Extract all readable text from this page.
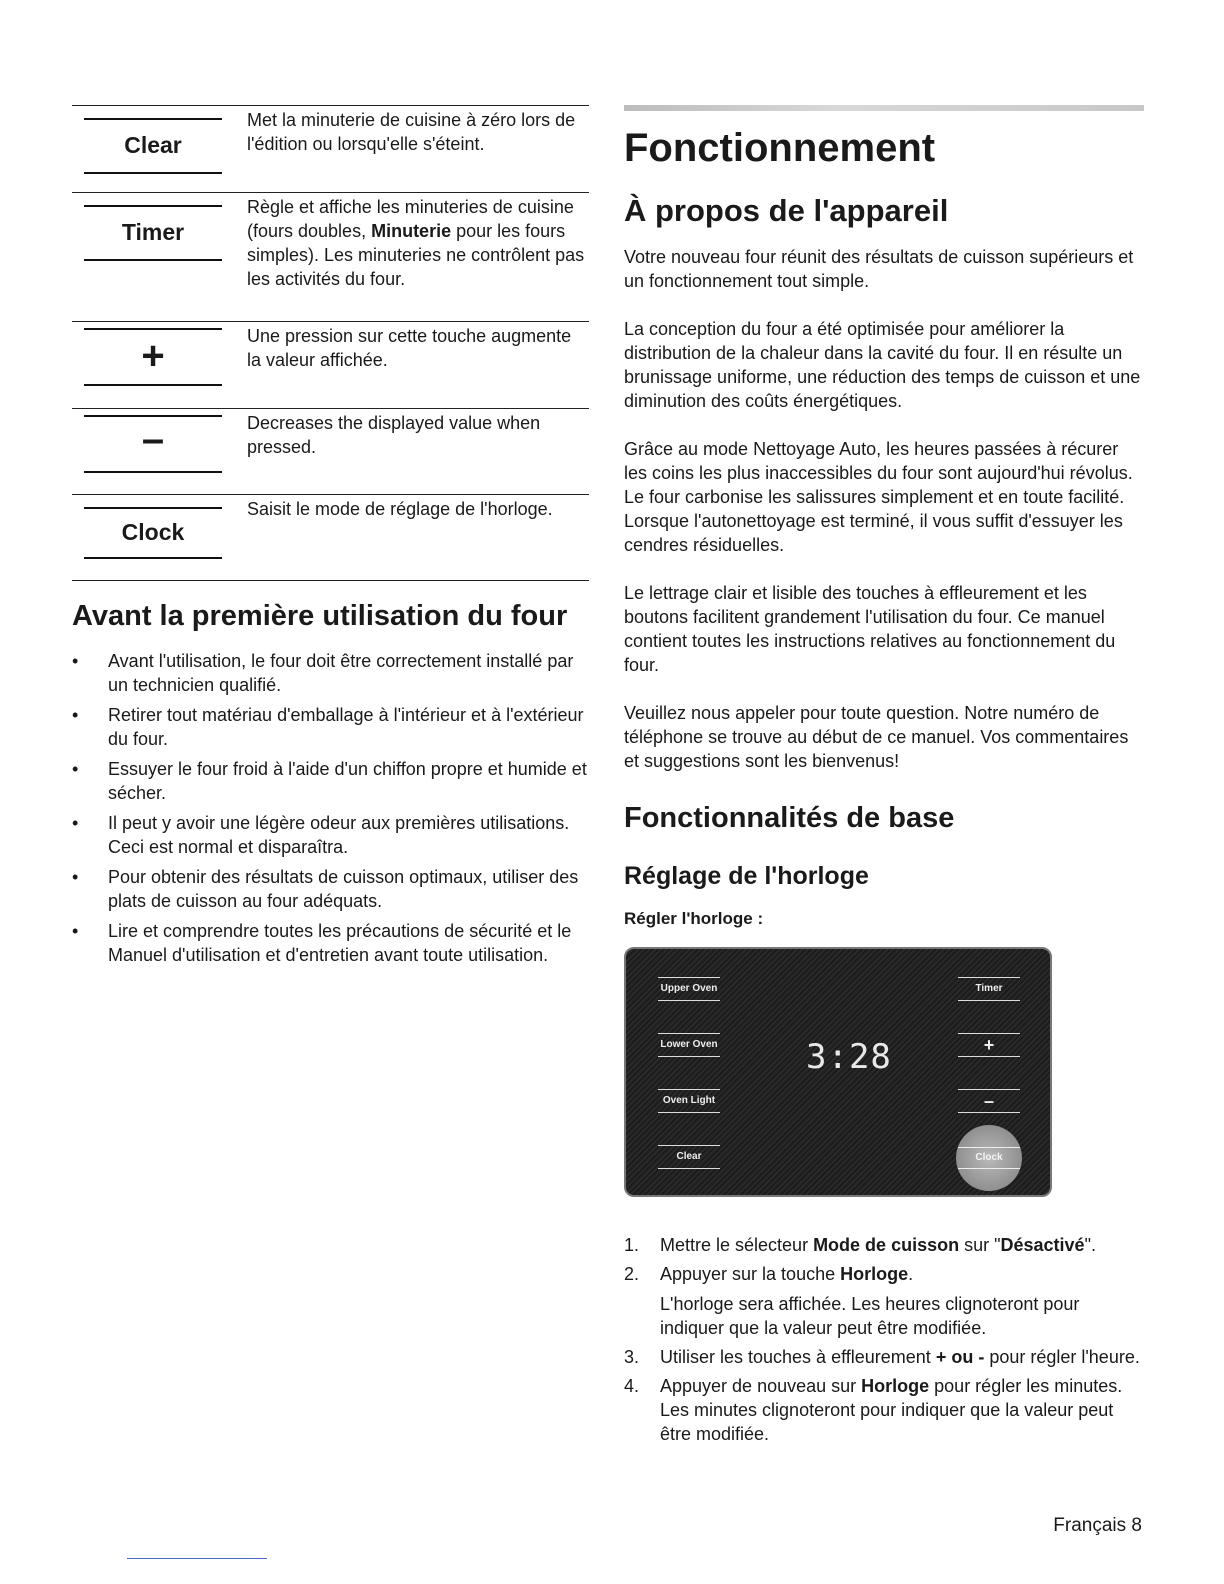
Clear
Met la minuterie de cuisine à zéro lors de l'édition ou lorsqu'elle s'éteint.
Timer
Règle et affiche les minuteries de cuisine (fours doubles, Minuterie pour les fours simples). Les minuteries ne contrôlent pas les activités du four.
+	Une pression sur cette touche augmente la valeur affichée.
–	Decreases the displayed value when pressed.
Clock
Saisit le mode de réglage de l'horloge.
Avant la première utilisation du four
• Avant l'utilisation, le four doit être correctement installé par un technicien qualifié.
• Retirer tout matériau d'emballage à l'intérieur et à l'extérieur du four.
• Essuyer le four froid à l'aide d'un chiffon propre et humide et sécher.
• Il peut y avoir une légère odeur aux premières utilisations. Ceci est normal et disparaîtra.
• Pour obtenir des résultats de cuisson optimaux, utiliser des plats de cuisson au four adéquats.
• Lire et comprendre toutes les précautions de sécurité et le Manuel d'utilisation et d'entretien avant toute utilisation.
Fonctionnement
À propos de l'appareil

Votre nouveau four réunit des résultats de cuisson supérieurs et un fonctionnement tout simple.

La conception du four a été optimisée pour améliorer la distribution de la chaleur dans la cavité du four. Il en résulte un brunissage uniforme, une réduction des temps de cuisson et une diminution des coûts énergétiques.

Grâce au mode Nettoyage Auto, les heures passées à récurer les coins les plus inaccessibles du four sont aujourd'hui révolus. Le four carbonise les salissures simplement et en toute facilité. Lorsque l'autonettoyage est terminé, il vous suffit d'essuyer les cendres résiduelles.

Le lettrage clair et lisible des touches à effleurement et les boutons facilitent grandement l'utilisation du four. Ce manuel contient toutes les instructions relatives au fonctionnement du four.

Veuillez nous appeler pour toute question. Notre numéro de téléphone se trouve au début de ce manuel. Vos commentaires et suggestions sont les bienvenus!

Fonctionnalités de base
Réglage de l'horloge
Régler l'horloge :
Upper Oven
Lower Oven
Oven Light
Clear
Timer
+
–
Clock
3:28
1. Mettre le sélecteur Mode de cuisson sur "Désactivé".
2. Appuyer sur la touche Horloge.
L'horloge sera affichée. Les heures clignoteront pour indiquer que la valeur peut être modifiée.
3. Utiliser les touches à effleurement + ou - pour régler l'heure.
4. Appuyer de nouveau sur Horloge pour régler les minutes. Les minutes clignoteront pour indiquer que la valeur peut être modifiée.
Français 8
